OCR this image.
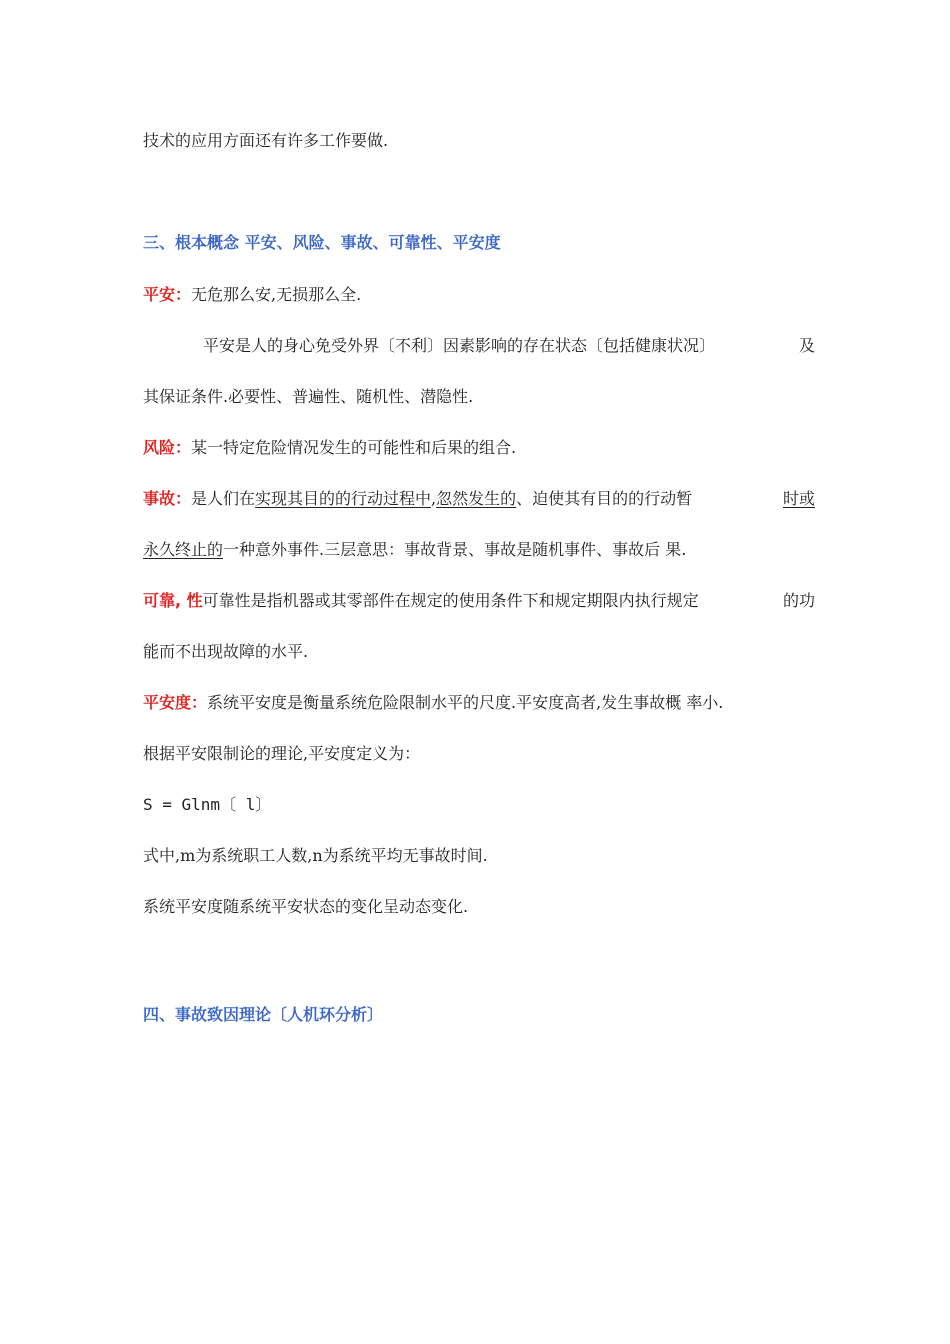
技术的应用方面还有许多工作要做.
三、根本概念 平安、风险、事故、可靠性、平安度
平安：无危那么安,无损那么全.
平安是人的身心免受外界〔不利〕因素影响的存在状态〔包括健康状况〕	及
其保证条件.必要性、普遍性、随机性、潜隐性.
风险：某一特定危险情况发生的可能性和后果的组合.
事故：是人们在实现其目的的行动过程中,忽然发生的、迫使其有目的的行动暂	时或
永久终止的一种意外事件.三层意思：事故背景、事故是随机事件、事故后 果.
可靠, 性可靠性是指机器或其零部件在规定的使用条件下和规定期限内执行规定	的功
能而不出现故障的水平.
平安度：系统平安度是衡量系统危险限制水平的尺度.平安度高者,发生事故概 率小.
根据平安限制论的理论,平安度定义为：
S = Glnm〔 l〕
式中,m为系统职工人数,n为系统平均无事故时间.
系统平安度随系统平安状态的变化呈动态变化.
四、事故致因理论〔人机环分析〕
